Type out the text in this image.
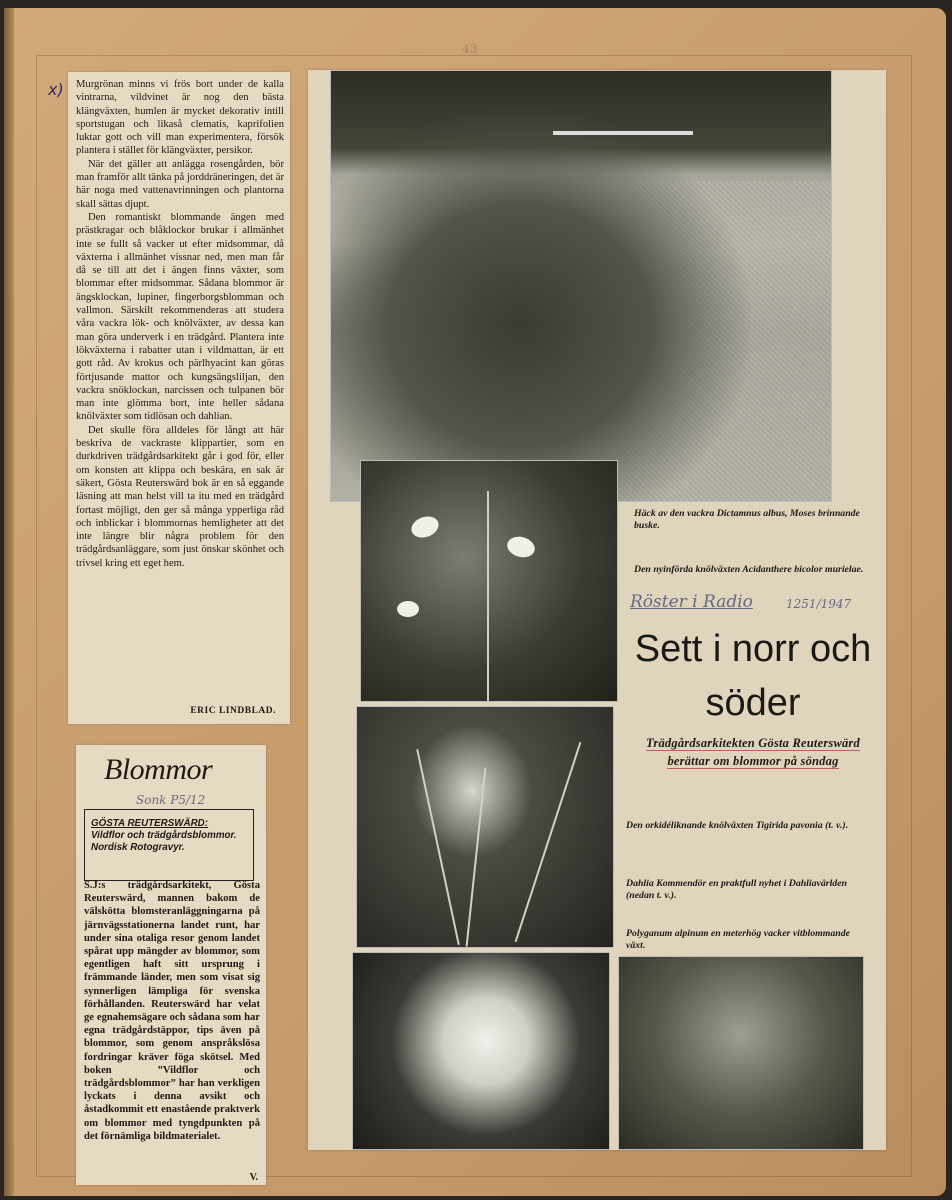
43
x) Murgrönan minns vi frös bort under de kalla vintrarna, vildvinet är nog den bästa klängväxten, humlen är mycket dekorativ intill sportstugan och likaså clematis, kaprifolien luktar gott och vill man experimentera, försök plantera i stället för klängväxter, persikor.

När det gäller att anlägga rosengården, bör man framför allt tänka på jorddräneringen, det är här noga med vattenavrinningen och plantorna skall sättas djupt.

Den romantiskt blommande ängen med prästkragar och blåklockor brukar i allmänhet inte se fullt så vacker ut efter midsommar, då växterna i allmänhet vissnar ned, men man får då se till att det i ängen finns växter, som blommar efter midsommar. Sådana blommor är ängsklockan, lupiner, fingerborgsblomman och vallmon. Särskilt rekommenderas att studera våra vackra lök- och knölväxter, av dessa kan man göra underverk i en trädgård. Plantera inte lökväxterna i rabatter utan i vildmattan, är ett gott råd. Av krokus och pärlhyacint kan göras förtjusande mattor och kungsängsliljan, den vackra snöklockan, narcissen och tulpanen bör man inte glömma bort, inte heller sådana knölväxter som tidlösan och dahlian.

Det skulle föra alldeles för långt att här beskriva de vackraste klippartier, som en durkdriven trädgårdsarkitekt går i god för, eller om konsten att klippa och beskära, en sak är säkert, Gösta Reuterswärd bok är en så eggande läsning att man helst vill ta itu med en trädgård fortast möjligt, den ger så många ypperliga råd och inblickar i blommornas hemligheter att det inte längre blir några problem för den trädgårdsanläggare, som just önskar skönhet och trivsel kring ett eget hem.

ERIC LINDBLAD.
Blommor
Sonk P5/12
GÖSTA REUTERSWÄRD:
Vildflor och trädgårdsblommor. Nordisk Rotogravyr.
S.J:s trädgårdsarkitekt, Gösta Reuterswärd, mannen bakom de välskötta blomsteranläggningarna på järnvägsstationerna landet runt, har under sina otaliga resor genom landet spårat upp mängder av blommor, som egentligen haft sitt ursprung i främmande länder, men som visat sig synnerligen lämpliga för svenska förhållanden. Reuterswärd har velat ge egnahemsägare och sådana som har egna trädgårdstäppor, tips även på blommor, som genom anspråkslösa fordringar kräver föga skötsel. Med boken ”Vildflor och trädgårdsblommor” har han verkligen lyckats i denna avsikt och åstadkommit ett enastående praktverk om blommor med tyngdpunkten på det förnämliga bildmaterialet.
V.
Häck av den vackra Dictamnus albus, Moses brinnande buske.
Den nyinförda knölväxten Acidanthere bicolor murielae.
Röster i Radio	1251/1947
Sett i norr och söder
Trädgårdsarkitekten Gösta Reuterswärd berättar om blommor på söndag
Den orkidéliknande knölväxten Tigirida pavonia (t. v.).
Dahlia Kommendör en praktfull nyhet i Dahliavärlden (nedan t. v.).
Polyganum alpinum en meterhög vacker vitblommande växt.
